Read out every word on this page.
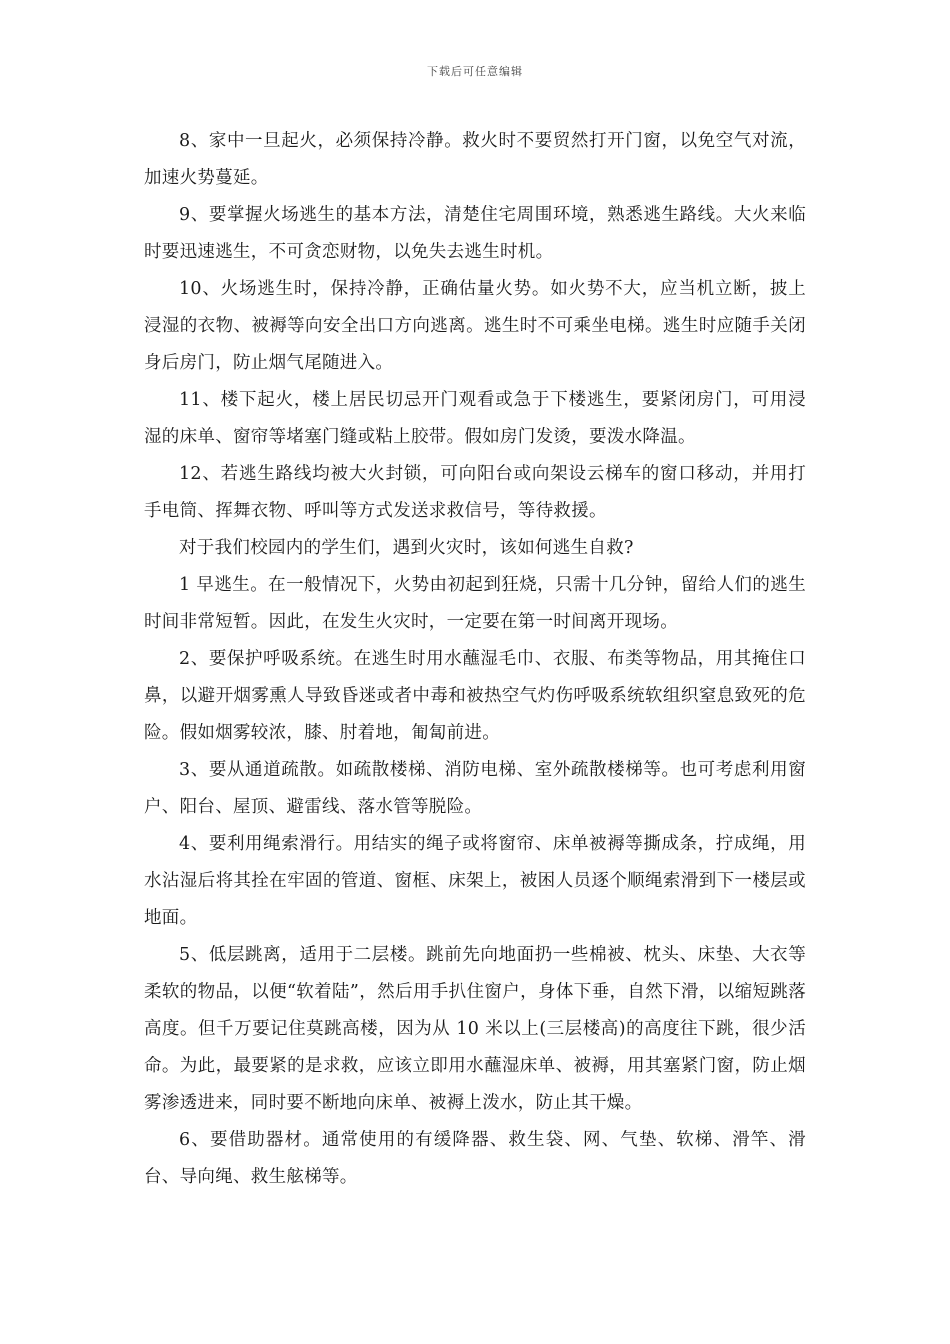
下载后可任意编辑

8、家中一旦起火，必须保持冷静。救火时不要贸然打开门窗，以免空气对流，加速火势蔓延。

9、要掌握火场逃生的基本方法，清楚住宅周围环境，熟悉逃生路线。大火来临时要迅速逃生，不可贪恋财物，以免失去逃生时机。

10、火场逃生时，保持冷静，正确估量火势。如火势不大，应当机立断，披上浸湿的衣物、被褥等向安全出口方向逃离。逃生时不可乘坐电梯。逃生时应随手关闭身后房门，防止烟气尾随进入。

11、楼下起火，楼上居民切忌开门观看或急于下楼逃生，要紧闭房门，可用浸湿的床单、窗帘等堵塞门缝或粘上胶带。假如房门发烫，要泼水降温。

12、若逃生路线均被大火封锁，可向阳台或向架设云梯车的窗口移动，并用打手电筒、挥舞衣物、呼叫等方式发送求救信号，等待救援。

对于我们校园内的学生们，遇到火灾时，该如何逃生自救?

1 早逃生。在一般情况下，火势由初起到狂烧，只需十几分钟，留给人们的逃生时间非常短暂。因此，在发生火灾时，一定要在第一时间离开现场。

2、要保护呼吸系统。在逃生时用水蘸湿毛巾、衣服、布类等物品，用其掩住口鼻，以避开烟雾熏人导致昏迷或者中毒和被热空气灼伤呼吸系统软组织窒息致死的危险。假如烟雾较浓，膝、肘着地，匍匐前进。

3、要从通道疏散。如疏散楼梯、消防电梯、室外疏散楼梯等。也可考虑利用窗户、阳台、屋顶、避雷线、落水管等脱险。

4、要利用绳索滑行。用结实的绳子或将窗帘、床单被褥等撕成条，拧成绳，用水沾湿后将其拴在牢固的管道、窗框、床架上，被困人员逐个顺绳索滑到下一楼层或地面。

5、低层跳离，适用于二层楼。跳前先向地面扔一些棉被、枕头、床垫、大衣等柔软的物品，以便“软着陆”，然后用手扒住窗户，身体下垂，自然下滑，以缩短跳落高度。但千万要记住莫跳高楼，因为从 10 米以上(三层楼高)的高度往下跳，很少活命。为此，最要紧的是求救，应该立即用水蘸湿床单、被褥，用其塞紧门窗，防止烟雾渗透进来，同时要不断地向床单、被褥上泼水，防止其干燥。

6、要借助器材。通常使用的有缓降器、救生袋、网、气垫、软梯、滑竿、滑台、导向绳、救生舷梯等。
